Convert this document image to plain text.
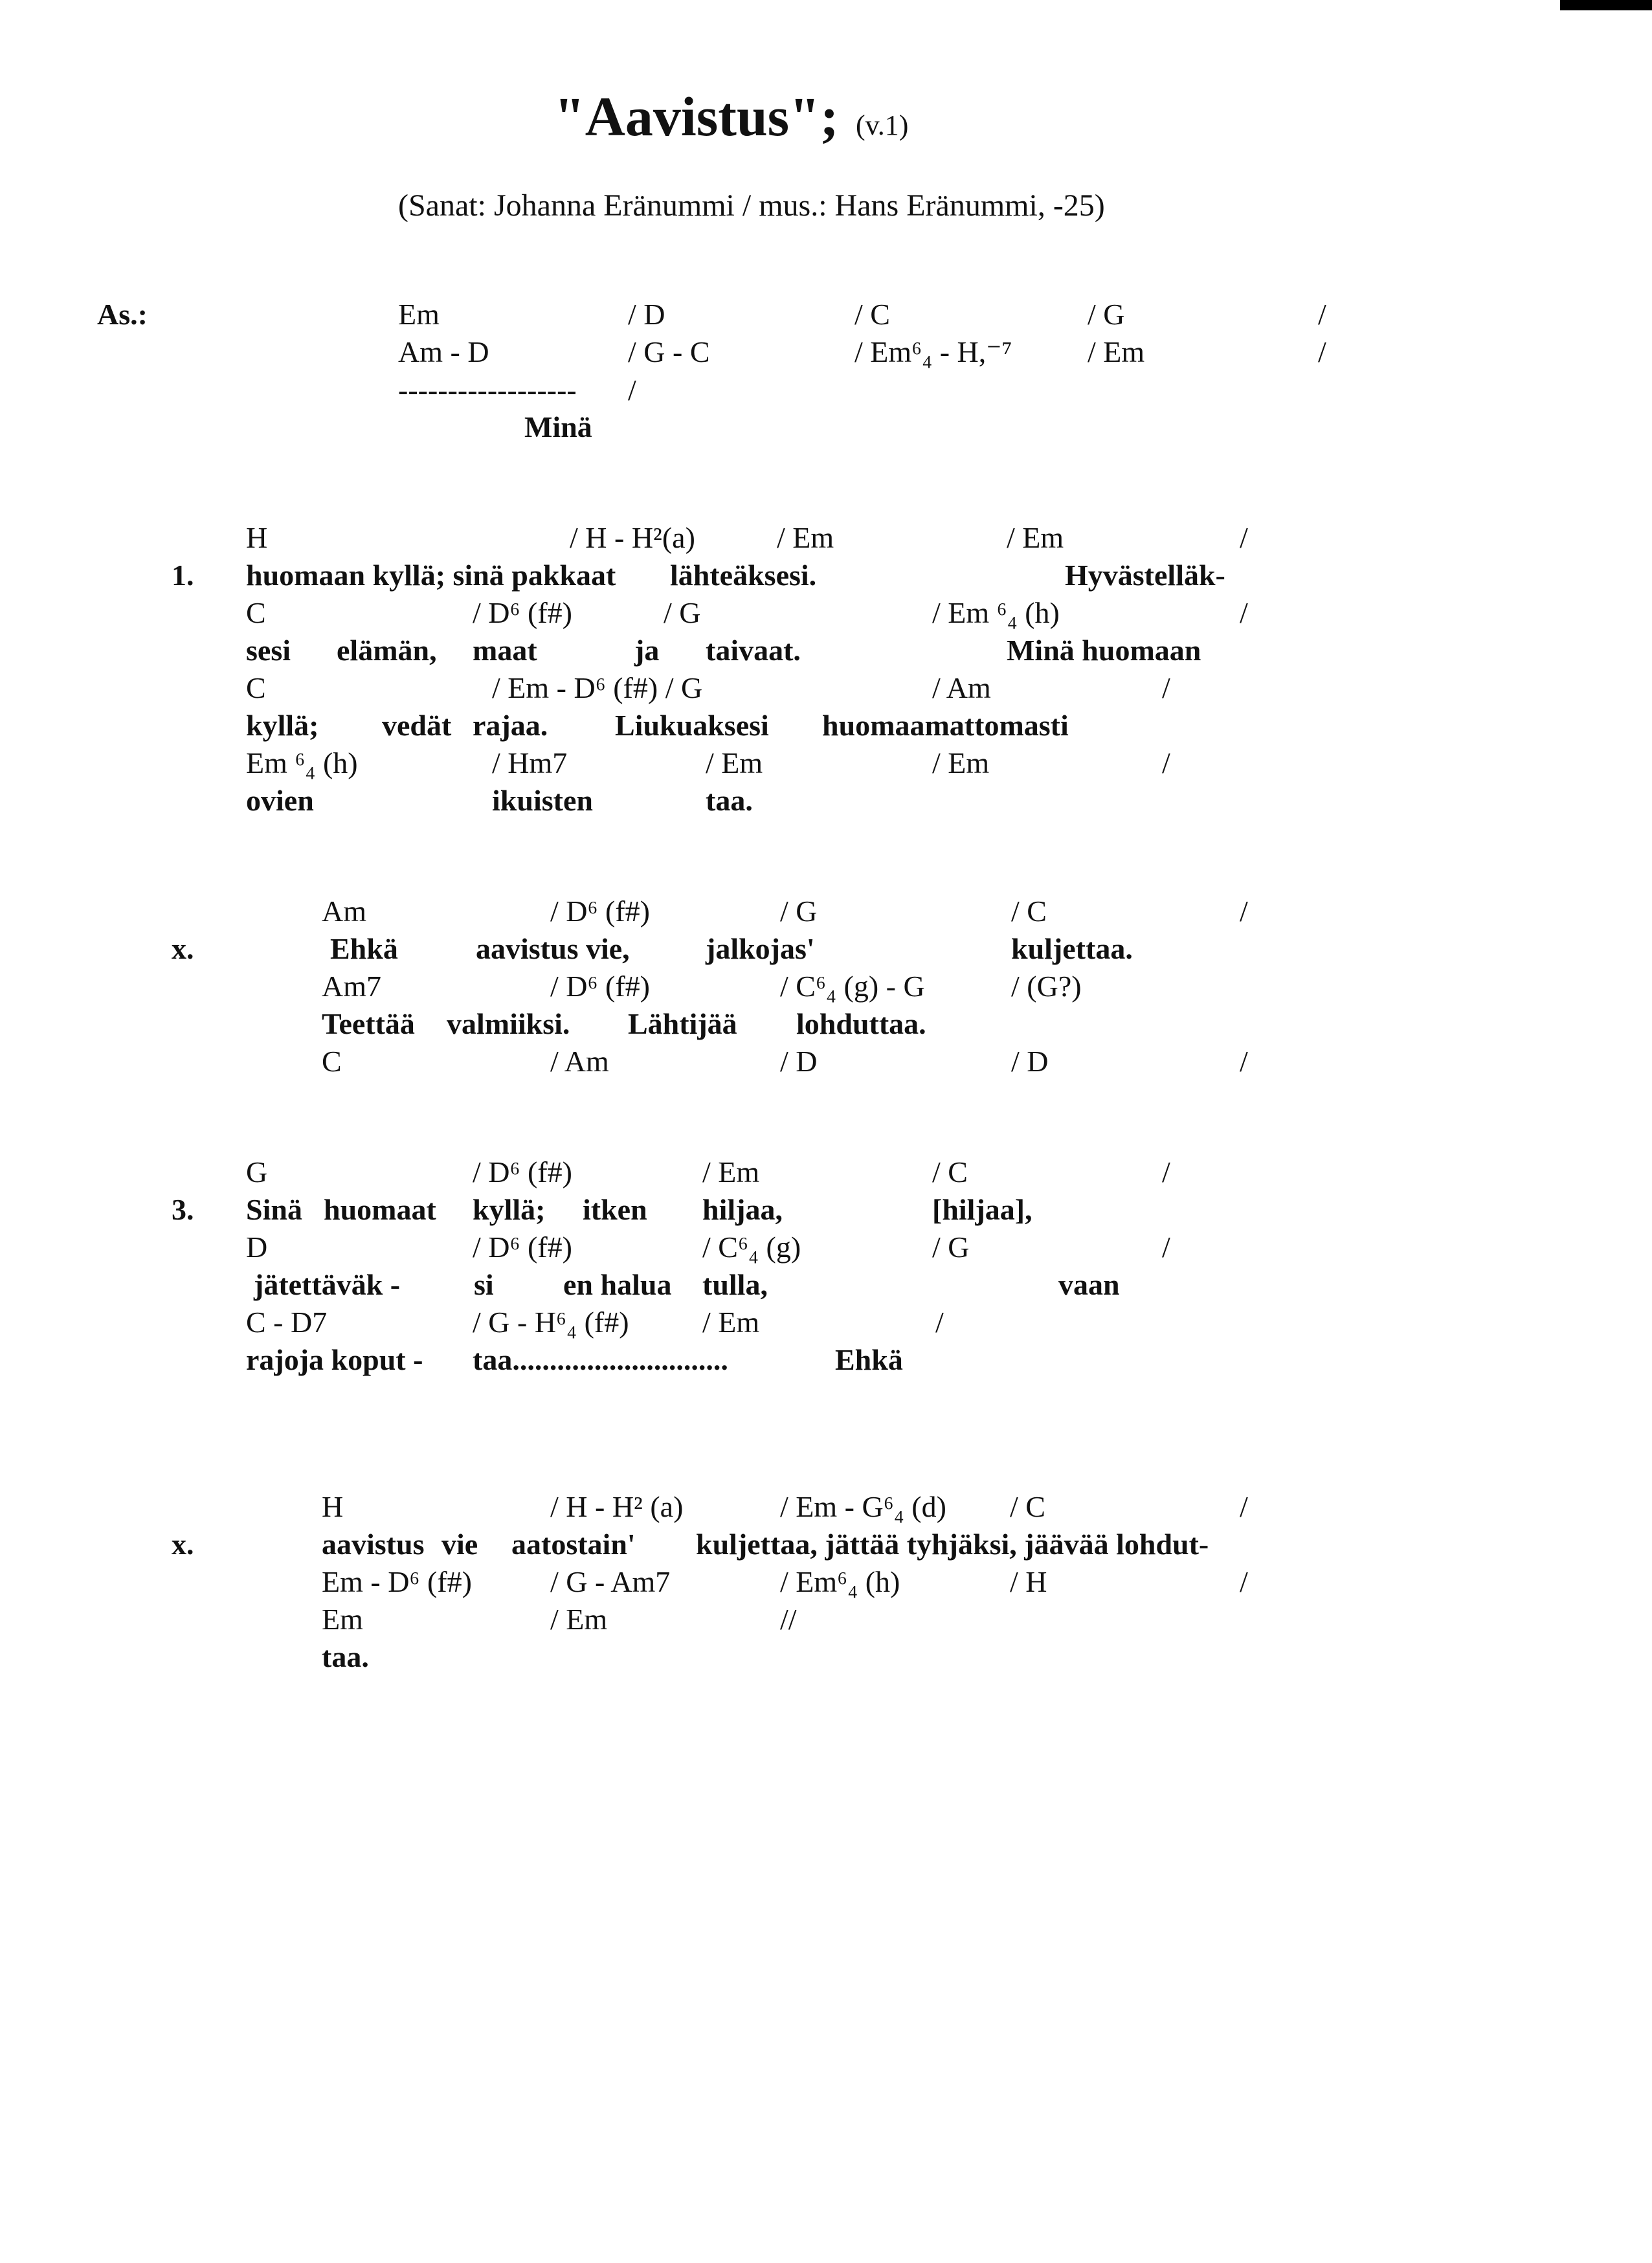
"Aavistus"; (v.1)
(Sanat: Johanna Eränummi / mus.: Hans Eränummi, -25)
As.:	Em	/ D	/ C	/ G	/
Am - D	/ G - C	/ Em⁶₄ - H,⁻⁷	/ Em	/
------------------ /
Minä
H	/ H - H²(a)	/ Em	/ Em	/
1. huomaan kyllä; sinä pakkaat lähteäksesi.	Hyvästelläk-
C	/ D⁶ (f#)	/ G	/ Em ⁶₄ (h)	/
sesi elämän, maat	ja taivaat.	Minä huomaan
C	/ Em - D⁶ (f#) / G	/ Am	/
kyllä; vedät rajaa. Liukuaksesi huomaamattomasti
Em ⁶₄ (h)	/ Hm7	/ Em	/ Em	/
ovien	ikuisten	taa.
Am	/ D⁶ (f#)	/ G	/ C	/
x.	Ehkä	aavistus vie,	jalkojas'	kuljettaa.
Am7	/ D⁶ (f#)	/ C⁶₄ (g) - G	/ (G?)
Teettää valmiiksi. Lähtijää lohduttaa.
C	/ Am	/ D	/ D	/
G	/ D⁶ (f#)	/ Em	/ C	/
3. Sinä huomaat kyllä; itken hiljaa,	[hiljaa],
D	/ D⁶ (f#)	/ C⁶₄ (g)	/ G	/
jätettäväk - si en halua tulla,	vaan
C - D7	/ G - H⁶₄ (f#) / Em	/
rajoja koput - taa.............................	Ehkä
H	/ H - H² (a)	/ Em - G⁶₄ (d) / C	/
x.	aavistus vie aatostain' kuljettaa, jättää tyhjäksi, jäävää lohdut-
Em - D⁶ (f#)	/ G - Am7	/ Em⁶₄ (h)	/ H	/
Em	/ Em	//
taa.
